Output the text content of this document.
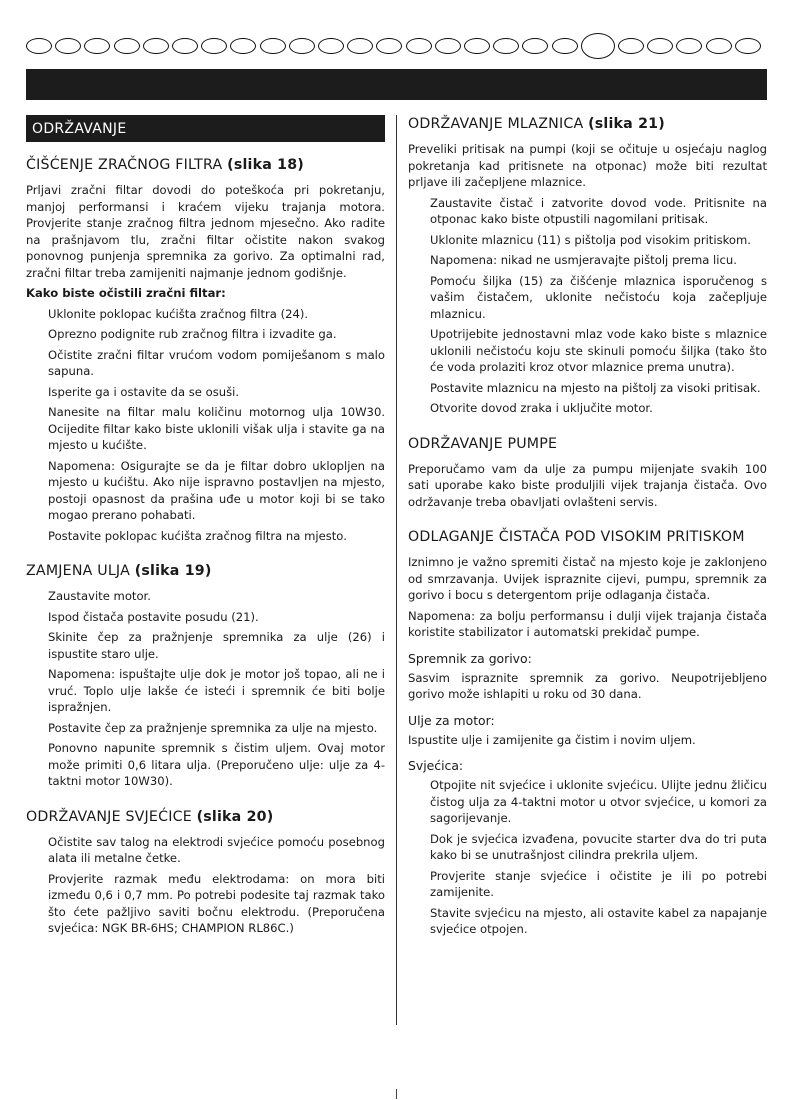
ODRŽAVANJE
ČIŠĆENJE ZRAČNOG FILTRA (slika 18)

Prljavi zračni filtar dovodi do poteškoća pri pokretanju, manjoj performansi i kraćem vijeku trajanja motora. Provjerite stanje zračnog filtra jednom mjesečno. Ako radite na prašnjavom tlu, zračni filtar očistite nakon svakog ponovnog punjenja spremnika za gorivo. Za optimalni rad, zračni filtar treba zamijeniti najmanje jednom godišnje.

Kako biste očistili zračni filtar:

Uklonite poklopac kućišta zračnog filtra (24).

Oprezno podignite rub zračnog filtra i izvadite ga.

Očistite zračni filtar vrućom vodom pomiješanom s malo sapuna.

Isperite ga i ostavite da se osuši.

Nanesite na filtar malu količinu motornog ulja 10W30. Ocijedite filtar kako biste uklonili višak ulja i stavite ga na mjesto u kućište.

Napomena: Osigurajte se da je filtar dobro ukloplјen na mjesto u kućištu. Ako nije ispravno postavljen na mjesto, postoji opasnost da prašina uđe u motor koji bi se tako mogao prerano pohabati.

Postavite poklopac kućišta zračnog filtra na mjesto.

ZAMJENA ULJA (slika 19)

Zaustavite motor.

Ispod čistača postavite posudu (21).

Skinite čep za pražnjenje spremnika za ulje (26) i ispustite staro ulje.

Napomena: ispuštajte ulje dok je motor još topao, ali ne i vruć. Toplo ulje lakše će isteći i spremnik će biti bolje ispražnjen.

Postavite čep za pražnjenje spremnika za ulje na mjesto.

Ponovno napunite spremnik s čistim uljem. Ovaj motor može primiti 0,6 litara ulja. (Preporučeno ulje: ulje za 4-taktni motor 10W30).

ODRŽAVANJE SVJEĆICE (slika 20)

Očistite sav talog na elektrodi svjećice pomoću posebnog alata ili metalne četke.

Provjerite razmak među elektrodama: on mora biti između 0,6 i 0,7 mm. Po potrebi podesite taj razmak tako što ćete pažljivo saviti bočnu elektrodu. (Preporučena svjećica: NGK BR-6HS; CHAMPION RL86C.)

ODRŽAVANJE MLAZNICA (slika 21)

Preveliki pritisak na pumpi (koji se očituje u osjećaju naglog pokretanja kad pritisnete na otponac) može biti rezultat prljave ili začepljene mlaznice.

Zaustavite čistač i zatvorite dovod vode. Pritisnite na otponac kako biste otpustili nagomilani pritisak.

Uklonite mlaznicu (11) s pištolja pod visokim pritiskom.

Napomena: nikad ne usmjeravajte pištolj prema licu.

Pomoću šiljka (15) za čišćenje mlaznica isporučenog s vašim čistačem, uklonite nečistoću koja začepljuje mlaznicu.

Upotrijebite jednostavni mlaz vode kako biste s mlaznice uklonili nečistoću koju ste skinuli pomoću šiljka (tako što će voda prolaziti kroz otvor mlaznice prema unutra).

Postavite mlaznicu na mjesto na pištolj za visoki pritisak.

Otvorite dovod zraka i uključite motor.

ODRŽAVANJE PUMPE

Preporučamo vam da ulje za pumpu mijenjate svakih 100 sati uporabe kako biste produljili vijek trajanja čistača. Ovo održavanje treba obavljati ovlašteni servis.

ODLAGANJE ČISTAČA POD VISOKIM PRITISKOM

Iznimno je važno spremiti čistač na mjesto koje je zaklonjeno od smrzavanja. Uvijek ispraznite cijevi, pumpu, spremnik za gorivo i bocu s detergentom prije odlaganja čistača.

Napomena: za bolju performansu i dulji vijek trajanja čistača koristite stabilizator i automatski prekidač pumpe.

Spremnik za gorivo:

Sasvim ispraznite spremnik za gorivo. Neupotrijebljeno gorivo može ishlapiti u roku od 30 dana.

Ulje za motor:

Ispustite ulje i zamijenite ga čistim i novim uljem.

Svjećica:

Otpojite nit svjećice i uklonite svjećicu. Ulijte jednu žličicu čistog ulja za 4-taktni motor u otvor svjećice, u komori za sagorijevanje.

Dok je svjećica izvađena, povucite starter dva do tri puta kako bi se unutrašnjost cilindra prekrila uljem.

Provjerite stanje svjećice i očistite je ili po potrebi zamijenite.

Stavite svjećicu na mjesto, ali ostavite kabel za napajanje svjećice otpojen.
